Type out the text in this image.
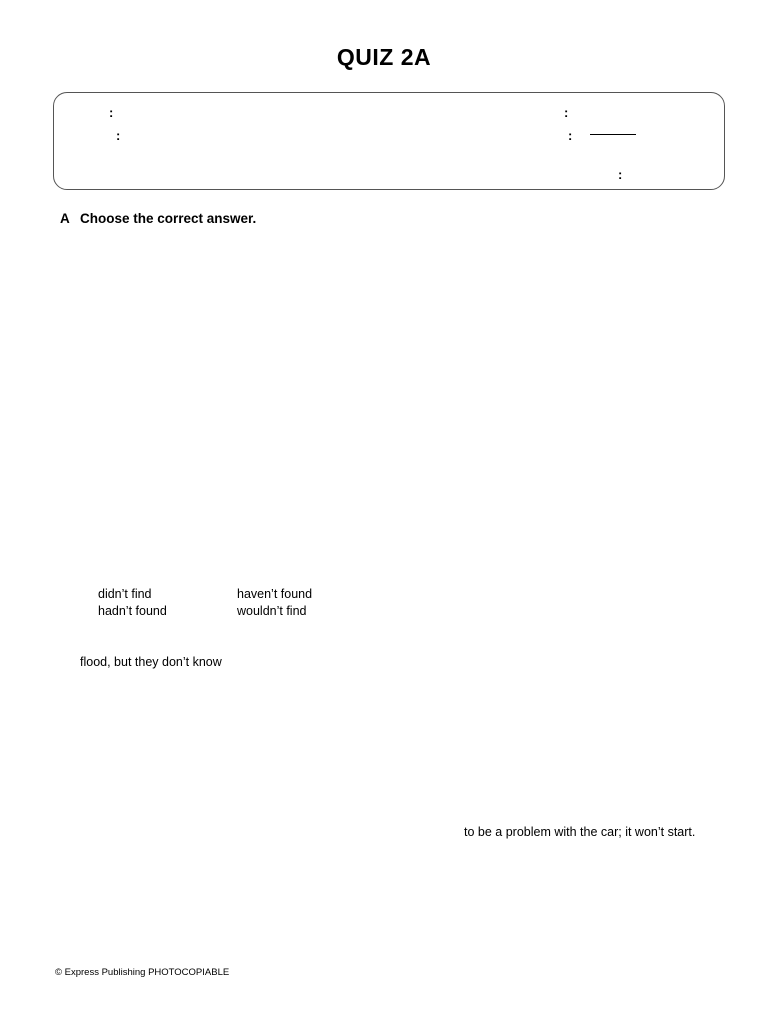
QUIZ 2A
:	:
:	:
:
A Choose the correct answer.
didn’t find	haven’t found
hadn’t found	wouldn’t find
flood, but they don’t know
to be a problem with the car; it won’t start.
© Express Publishing PHOTOCOPIABLE
